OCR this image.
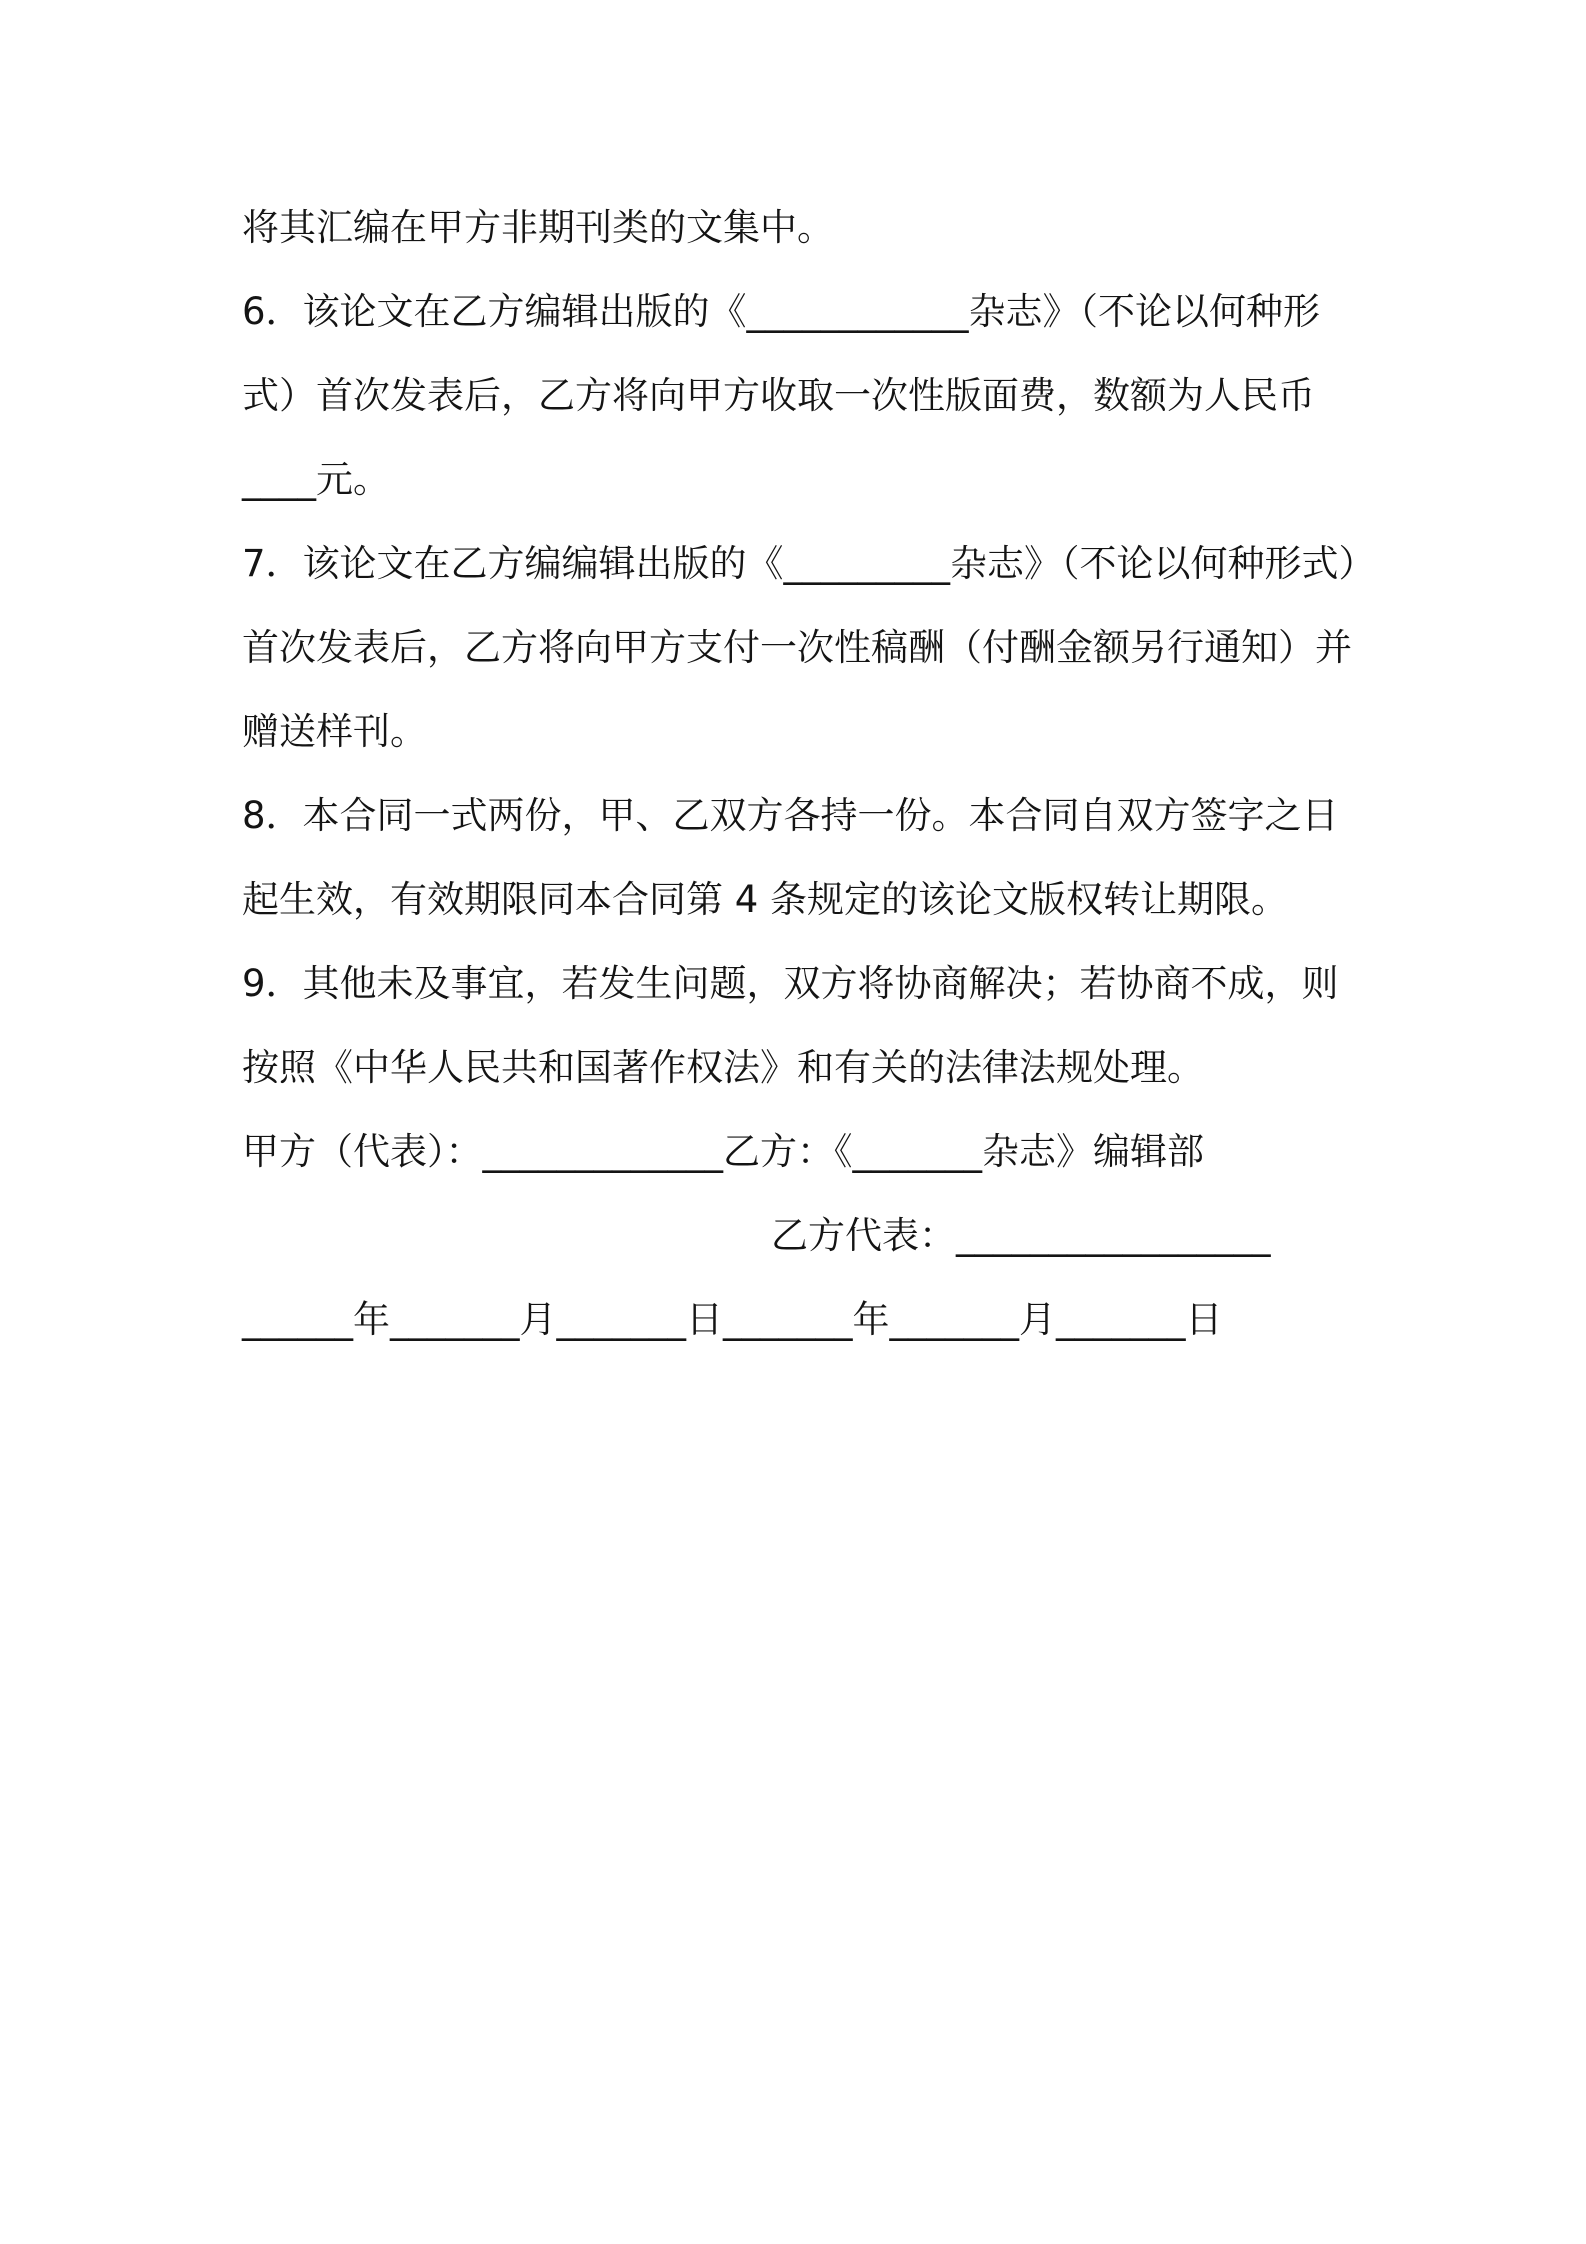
将其汇编在甲方非期刊类的文集中。
6．该论文在乙方编辑出版的《____________杂志》（不论以何种形
式）首次发表后，乙方将向甲方收取一次性版面费，数额为人民币
____元。
7．该论文在乙方编编辑出版的《_________杂志》（不论以何种形式）
首次发表后，乙方将向甲方支付一次性稿酬（付酬金额另行通知）并
赠送样刊。
8．本合同一式两份，甲、乙双方各持一份。本合同自双方签字之日
起生效，有效期限同本合同第 4 条规定的该论文版权转让期限。
9．其他未及事宜，若发生问题，双方将协商解决；若协商不成，则
按照《中华人民共和国著作权法》和有关的法律法规处理。
甲方（代表）：_____________乙方：《_______杂志》编辑部
乙方代表：_________________
______年_______月_______日_______年_______月_______日
